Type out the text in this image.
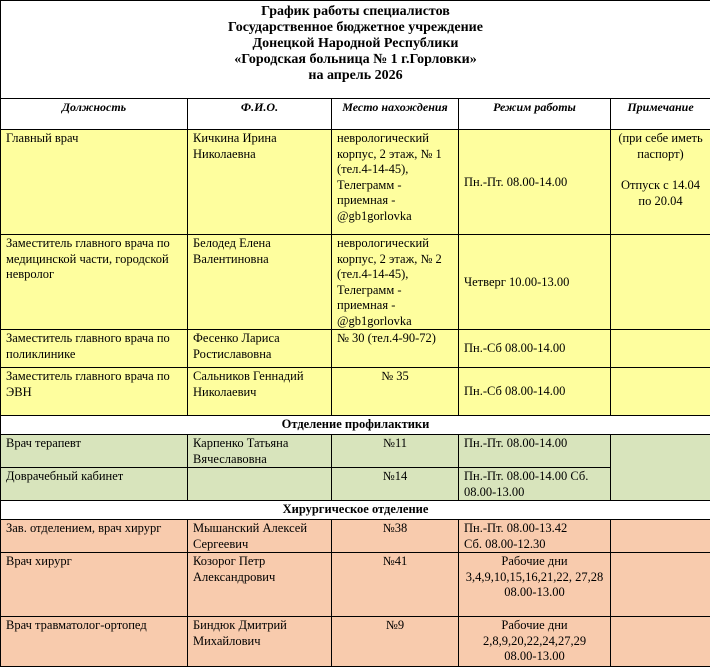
График работы специалистов
Государственное бюджетное учреждение
Донецкой Народной Республики
«Городская больница № 1 г.Горловки»
на апрель 2026
Должность	Ф.И.О.	Место нахождения	Режим работы	Примечание
Главный врач	Кичкина Ирина Николаевна	неврологический корпус, 2 этаж, № 1 (тел.4-14-45), Телеграмм - приемная - @gb1gorlovka	Пн.-Пт. 08.00-14.00	(при себе иметь паспорт)
Отпуск с 14.04 по 20.04
Заместитель главного врача по медицинской части, городской невролог	Белодед Елена Валентиновна	неврологический корпус, 2 этаж, № 2 (тел.4-14-45), Телеграмм - приемная - @gb1gorlovka	Четверг 10.00-13.00	
Заместитель главного врача по поликлинике	Фесенко Лариса Ростиславовна	№ 30 (тел.4-90-72)	Пн.-Сб 08.00-14.00	
Заместитель главного врача по ЭВН	Сальников Геннадий Николаевич	№ 35	Пн.-Сб 08.00-14.00	
Отделение профилактики				
Врач терапевт	Карпенко Татьяна Вячеславовна	№11	Пн.-Пт. 08.00-14.00	
Доврачебный кабинет		№14	Пн.-Пт. 08.00-14.00 Сб. 08.00-13.00	
Хирургическое отделение				
Зав. отделением, врач хирург	Мышанский Алексей Сергеевич	№38	Пн.-Пт. 08.00-13.42
Сб. 08.00-12.30	

Врач хирург	Козорог Петр Александрович	№41	Рабочие дни
3,4,9,10,15,16,21,22, 27,28
08.00-13.00	

Врач травматолог-ортопед	Биндюк Дмитрий Михайлович	№9	Рабочие дни
2,8,9,20,22,24,27,29
08.00-13.00	
